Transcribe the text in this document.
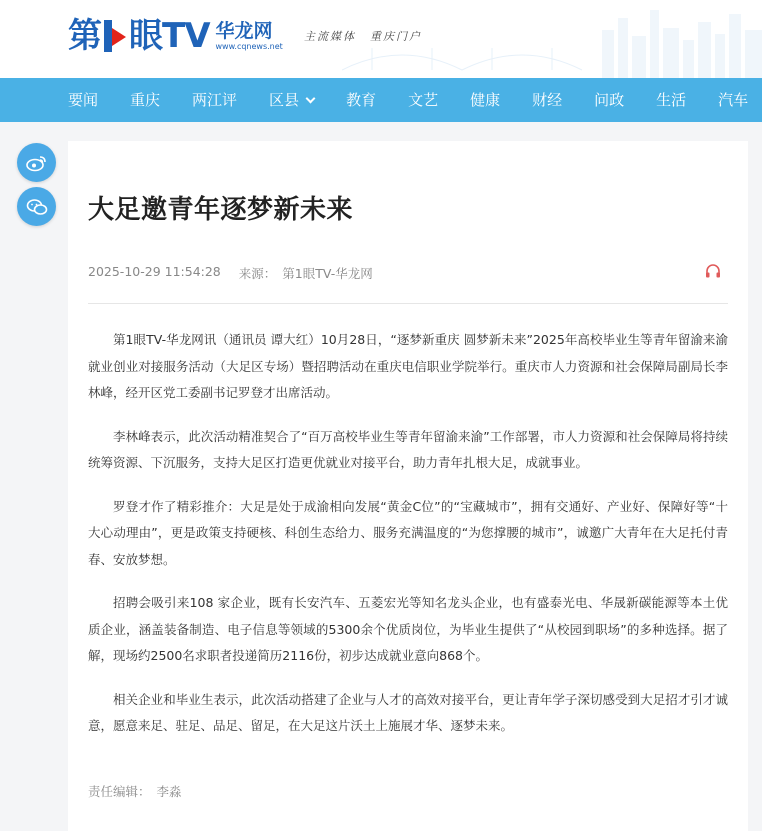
第 眼TV 华龙网
www.cqnews.net
主流媒体 重庆门户
要闻 重庆 两江评 区县	教育 文艺 健康 财经 问政 生活 汽车
大足邀青年逐梦新未来
2025-10-29 11:54:28 来源： 第1眼TV-华龙网

第1眼TV-华龙网讯（通讯员 谭大红）10月28日，“逐梦新重庆 圆梦新未来”2025年高校毕业生等青年留渝来渝就业创业对接服务活动（大足区专场）暨招聘活动在重庆电信职业学院举行。重庆市人力资源和社会保障局副局长李林峰，经开区党工委副书记罗登才出席活动。

李林峰表示，此次活动精准契合了“百万高校毕业生等青年留渝来渝”工作部署，市人力资源和社会保障局将持续统筹资源、下沉服务，支持大足区打造更优就业对接平台，助力青年扎根大足，成就事业。

罗登才作了精彩推介：大足是处于成渝相向发展“黄金C位”的“宝藏城市”，拥有交通好、产业好、保障好等“十大心动理由”，更是政策支持硬核、科创生态给力、服务充满温度的“为您撑腰的城市”，诚邀广大青年在大足托付青春、安放梦想。

招聘会吸引来108 家企业，既有长安汽车、五菱宏光等知名龙头企业，也有盛泰光电、华晟新碳能源等本土优质企业，涵盖装备制造、电子信息等领域的5300余个优质岗位，为毕业生提供了“从校园到职场”的多种选择。据了解，现场约2500名求职者投递简历2116份，初步达成就业意向868个。

相关企业和毕业生表示，此次活动搭建了企业与人才的高效对接平台，更让青年学子深切感受到大足招才引才诚意，愿意来足、驻足、品足、留足，在大足这片沃土上施展才华、逐梦未来。

责任编辑： 李淼
